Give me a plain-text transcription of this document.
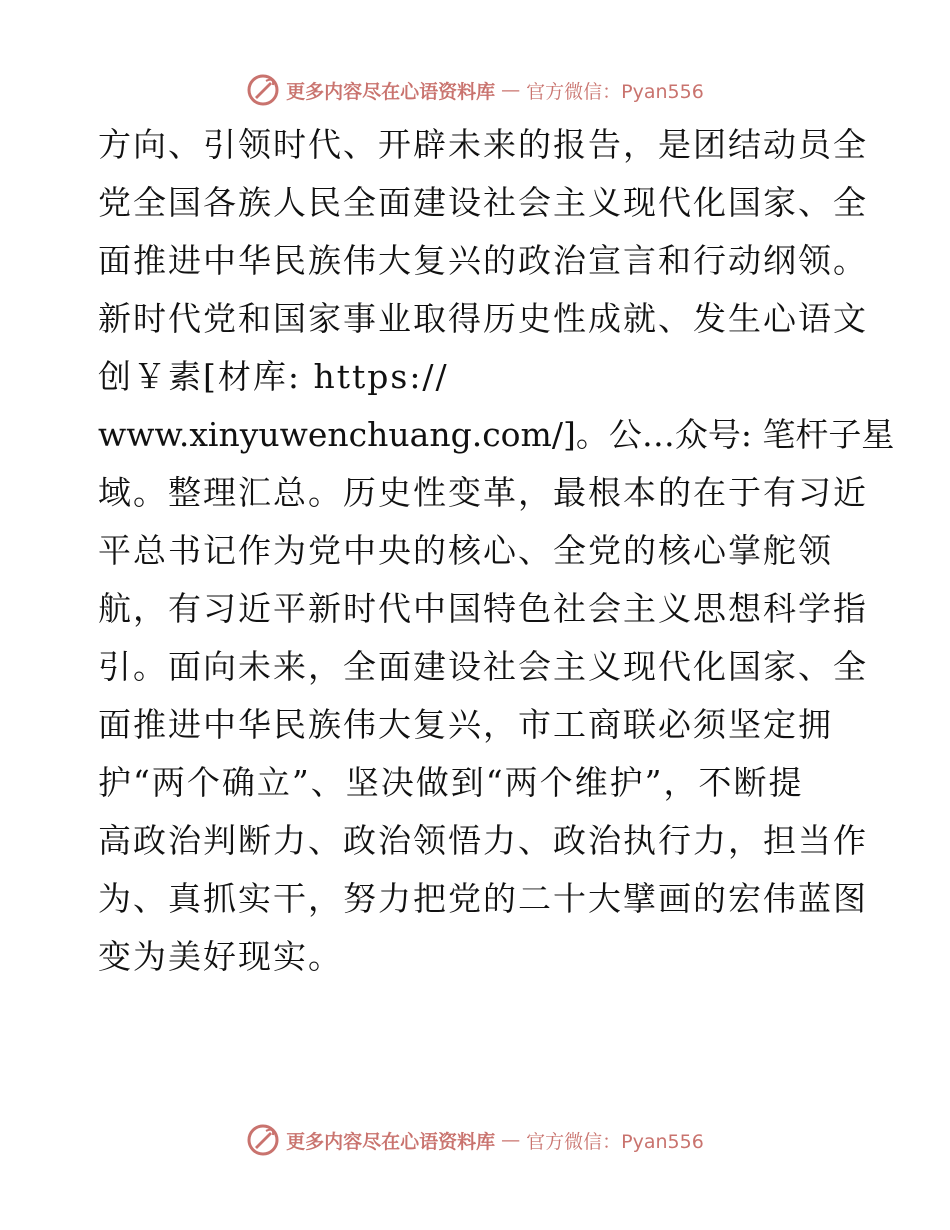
更多内容尽在心语资料库 — 官方微信：Pyan556
方向、引领时代、开辟未来的报告，是团结动员全
党全国各族人民全面建设社会主义现代化国家、全
面推进中华民族伟大复兴的政治宣言和行动纲领。
新时代党和国家事业取得历史性成就、发生心语文
创￥素[材库: https://
www.xinyuwenchuang.com/]。公…众号: 笔杆子星
域。整理汇总。历史性变革，最根本的在于有习近
平总书记作为党中央的核心、全党的核心掌舵领
航，有习近平新时代中国特色社会主义思想科学指
引。面向未来，全面建设社会主义现代化国家、全
面推进中华民族伟大复兴，市工商联必须坚定拥
护“两个确立”、坚决做到“两个维护”，不断提
高政治判断力、政治领悟力、政治执行力，担当作
为、真抓实干，努力把党的二十大擘画的宏伟蓝图
变为美好现实。
更多内容尽在心语资料库 — 官方微信：Pyan556
